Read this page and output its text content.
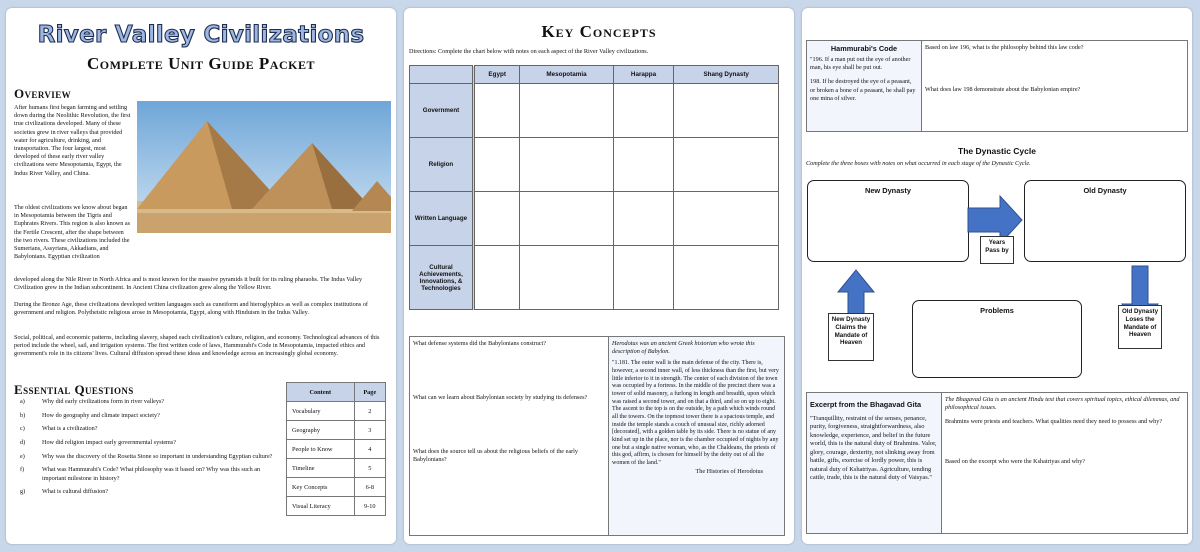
River Valley Civilizations
Complete Unit Guide Packet
Overview
After humans first began farming and settling down during the Neolithic Revolution, the first true civilizations developed. Many of these societies grew in river valleys that provided water for agriculture, drinking, and transportation. The four largest, most developed of these early river valley civilizations were Mesopotamia, Egypt, the Indus River Valley, and China.
The oldest civilizations we know about began in Mesopotamia between the Tigris and Euphrates Rivers. This region is also known as the Fertile Crescent, after the shape between the two rivers. These civilizations included the Sumerians, Assyrians, Akkadians, and Babylonians. Egyptian civilization
developed along the Nile River in North Africa and is most known for the massive pyramids it built for its ruling pharaohs. The Indus Valley Civilization grew in the Indian subcontinent. In Ancient China civilization grew along the Yellow River.
During the Bronze Age, these civilizations developed written languages such as cuneiform and hieroglyphics as well as complex institutions of government and religion. Polytheistic religious arose in Mesopotamia, Egypt, along with Hinduism in the Indus Valley.
Social, political, and economic patterns, including slavery, shaped each civilization's culture, religion, and economy. Technological advances of this period include the wheel, sail, and irrigation systems. The first written code of laws, Hammurabi's Code in Mesopotamia, impacted ethics and government's role in its citizens' lives. Cultural diffusion spread these ideas and knowledge across an increasingly global economy.
Essential Questions
a)	Why did early civilizations form in river valleys?
b)	How do geography and climate impact society?
c)	What is a civilization?
d)	How did religion impact early governmental systems?
e)	Why was the discovery of the Rosetta Stone so important in understanding Egyptian culture?
f)	What was Hammurabi's Code? What philosophy was it based on? Why was this such an important milestone in history?
g)	What is cultural diffusion?
Content	Page
Vocabulary	2
Geography	3
People to Know	4
Timeline	5
Key Concepts	6-8
Visual Literacy	9-10
Key Concepts
Directions: Complete the chart below with notes on each aspect of the River Valley civilizations.
	Egypt	Mesopotamia	Harappa	Shang Dynasty
Government				
Religion				
Written Language				
Cultural Achievements, Innovations, & Technologies				
What defense systems did the Babylonians construct?
What can we learn about Babylonian society by studying its defenses?
What does the source tell us about the religious beliefs of the early Babylonians?

Herodotus was an ancient Greek historian who wrote this description of Babylon.
"1.181. The outer wall is the main defense of the city. There is, however, a second inner wall, of less thickness than the first, but very little inferior to it in strength. The center of each division of the town was occupied by a fortress. In the middle of the precinct there was a tower of solid masonry, a furlong in length and breadth, upon which was raised a second tower, and on that a third, and so on up to eight. The ascent to the top is on the outside, by a path which winds round all the towers. On the topmost tower there is a spacious temple, and inside the temple stands a couch of unusual size, richly adorned [decorated], with a golden table by its side. There is no statue of any kind set up in the place, nor is the chamber occupied of nights by any one but a single native woman, who, as the Chaldeans, the priests of this god, affirm, is chosen for himself by the deity out of all the women of the land."
The Histories of Herodotus
Hammurabi's Code
"196. If a man put out the eye of another man, his eye shall be put out.
198. If he destroyed the eye of a peasant, or broken a bone of a peasant, he shall pay one mina of silver.

Based on law 196, what is the philosophy behind this law code?
What does law 198 demonstrate about the Babylonian empire?
The Dynastic Cycle
Complete the three boxes with notes on what occurred in each stage of the Dynastic Cycle.
New Dynasty	Old Dynasty
Problems
Years Pass by
Old Dynasty Loses the Mandate of Heaven
New Dynasty Claims the Mandate of Heaven
Excerpt from the Bhagavad Gita
"Tranquillity, restraint of the senses, penance, purity, forgiveness, straightforwardness, also knowledge, experience, and belief in the future world, this is the natural duty of Brahmins. Valor, glory, courage, dexterity, not slinking away from battle, gifts, exercise of lordly power, this is natural duty of Kshatriyas. Agriculture, tending cattle, trade, this is the natural duty of Vaisyas."

The Bhagavad Gita is an ancient Hindu text that covers spiritual topics, ethical dilemmas, and philosophical issues.
Brahmins were priests and teachers. What qualities need they need to possess and why?
Based on the excerpt who were the Kshatriyas and why?
